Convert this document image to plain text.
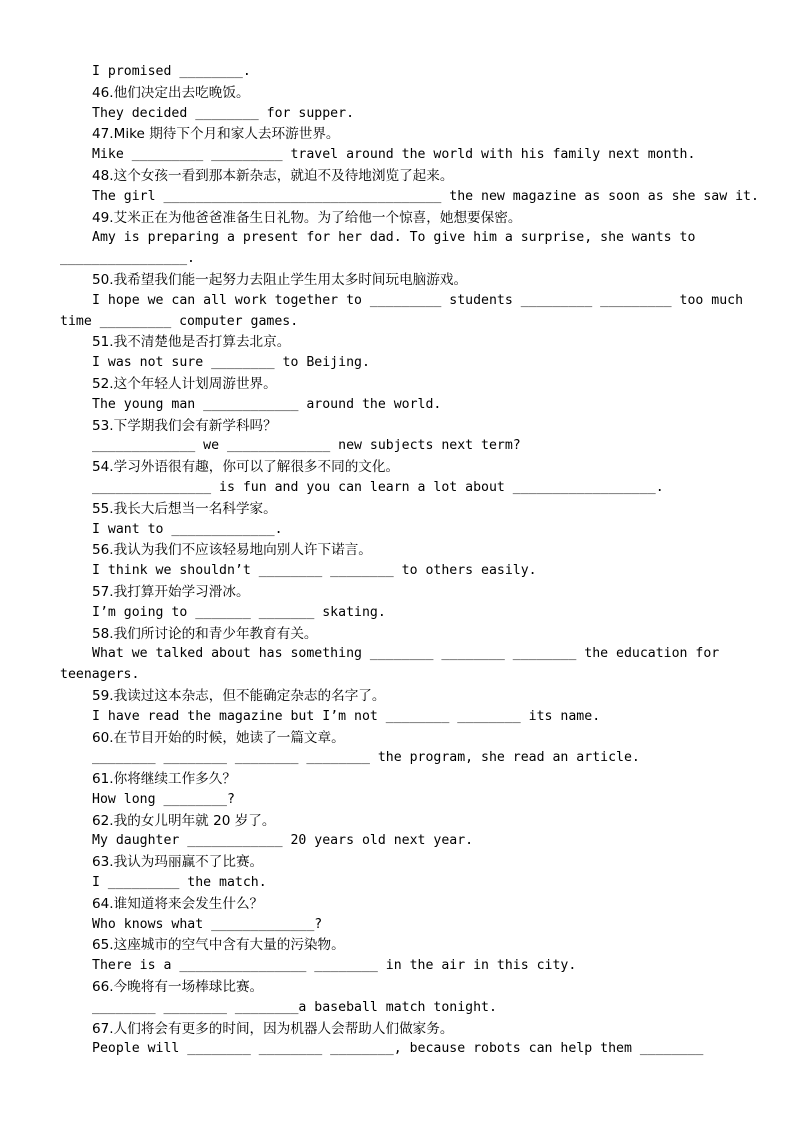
I promised ________.
46.他们决定出去吃晚饭。
They decided ________ for supper.
47.Mike 期待下个月和家人去环游世界。
Mike _________ _________ travel around the world with his family next month.
48.这个女孩一看到那本新杂志，就迫不及待地浏览了起来。
The girl ___________________________________ the new magazine as soon as she saw it.
49.艾米正在为他爸爸准备生日礼物。为了给他一个惊喜，她想要保密。
Amy is preparing a present for her dad. To give him a surprise, she wants to
________________.
50.我希望我们能一起努力去阻止学生用太多时间玩电脑游戏。
I hope we can all work together to _________ students _________ _________ too much
time _________ computer games.
51.我不清楚他是否打算去北京。
I was not sure ________ to Beijing.
52.这个年轻人计划周游世界。
The young man ____________ around the world.
53.下学期我们会有新学科吗？
_____________ we _____________ new subjects next term?
54.学习外语很有趣，你可以了解很多不同的文化。
_______________ is fun and you can learn a lot about __________________.
55.我长大后想当一名科学家。
I want to _____________.
56.我认为我们不应该轻易地向别人许下诺言。
I think we shouldn’t ________ ________ to others easily.
57.我打算开始学习滑冰。
I’m going to _______ _______ skating.
58.我们所讨论的和青少年教育有关。
What we talked about has something ________ ________ ________ the education for
teenagers.
59.我读过这本杂志，但不能确定杂志的名字了。
I have read the magazine but I’m not ________ ________ its name.
60.在节目开始的时候，她读了一篇文章。
________ ________ ________ ________ the program, she read an article.
61.你将继续工作多久？
How long ________?
62.我的女儿明年就 20 岁了。
My daughter ____________ 20 years old next year.
63.我认为玛丽赢不了比赛。
I _________ the match.
64.谁知道将来会发生什么？
Who knows what _____________?
65.这座城市的空气中含有大量的污染物。
There is a ________________ ________ in the air in this city.
66.今晚将有一场棒球比赛。
________ ________ ________a baseball match tonight.
67.人们将会有更多的时间，因为机器人会帮助人们做家务。
People will ________ ________ ________, because robots can help them ________
